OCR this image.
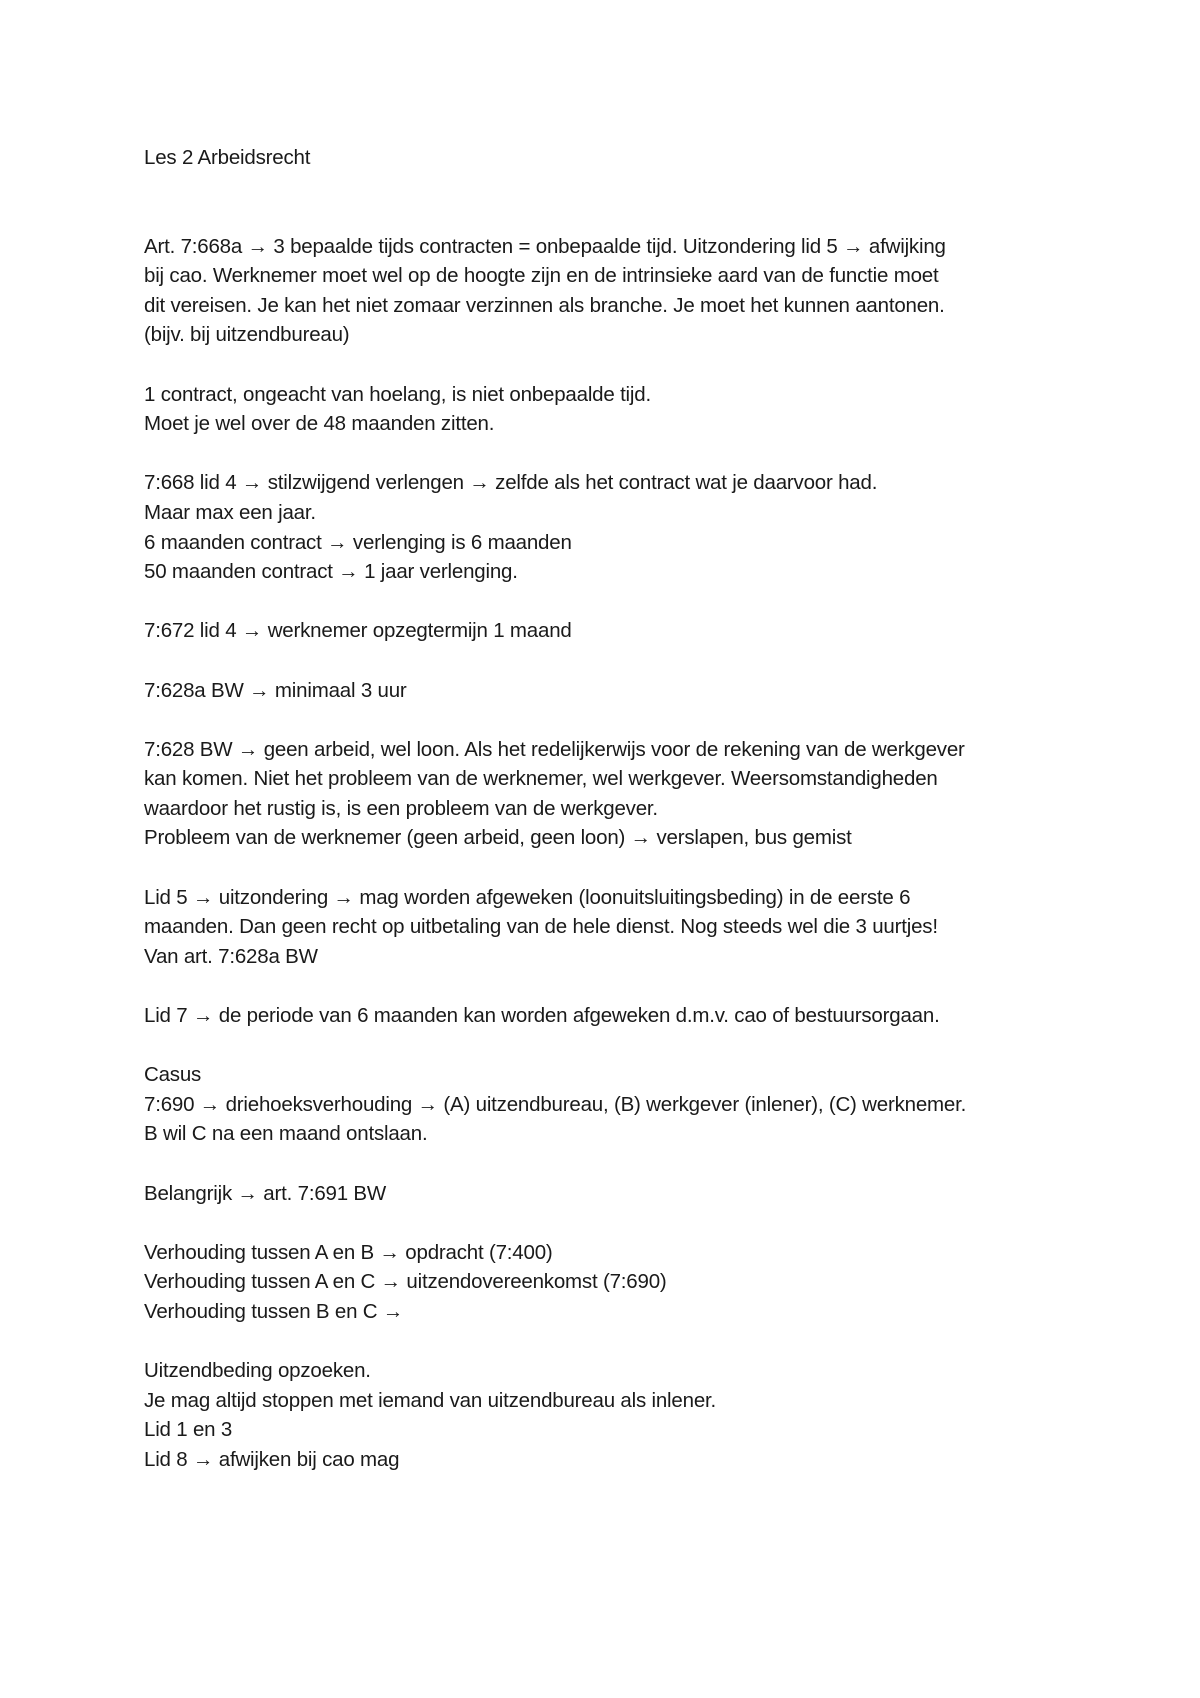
Les 2 Arbeidsrecht
Art. 7:668a → 3 bepaalde tijds contracten = onbepaalde tijd. Uitzondering lid 5 → afwijking
bij cao. Werknemer moet wel op de hoogte zijn en de intrinsieke aard van de functie moet
dit vereisen. Je kan het niet zomaar verzinnen als branche. Je moet het kunnen aantonen.
(bijv. bij uitzendbureau)
1 contract, ongeacht van hoelang, is niet onbepaalde tijd.
Moet je wel over de 48 maanden zitten.
7:668 lid 4 → stilzwijgend verlengen → zelfde als het contract wat je daarvoor had.
Maar max een jaar.
6 maanden contract → verlenging is 6 maanden
50 maanden contract → 1 jaar verlenging.
7:672 lid 4 → werknemer opzegtermijn 1 maand
7:628a BW → minimaal 3 uur
7:628 BW → geen arbeid, wel loon. Als het redelijkerwijs voor de rekening van de werkgever
kan komen. Niet het probleem van de werknemer, wel werkgever. Weersomstandigheden
waardoor het rustig is, is een probleem van de werkgever.
Probleem van de werknemer (geen arbeid, geen loon) → verslapen, bus gemist
Lid 5 → uitzondering → mag worden afgeweken (loonuitsluitingsbeding) in de eerste 6
maanden. Dan geen recht op uitbetaling van de hele dienst. Nog steeds wel die 3 uurtjes!
Van art. 7:628a BW
Lid 7 → de periode van 6 maanden kan worden afgeweken d.m.v. cao of bestuursorgaan.
Casus
7:690 → driehoeksverhouding → (A) uitzendbureau, (B) werkgever (inlener), (C) werknemer.
B wil C na een maand ontslaan.
Belangrijk → art. 7:691 BW
Verhouding tussen A en B → opdracht (7:400)
Verhouding tussen A en C → uitzendovereenkomst (7:690)
Verhouding tussen B en C →
Uitzendbeding opzoeken.
Je mag altijd stoppen met iemand van uitzendbureau als inlener.
Lid 1 en 3
Lid 8 → afwijken bij cao mag
